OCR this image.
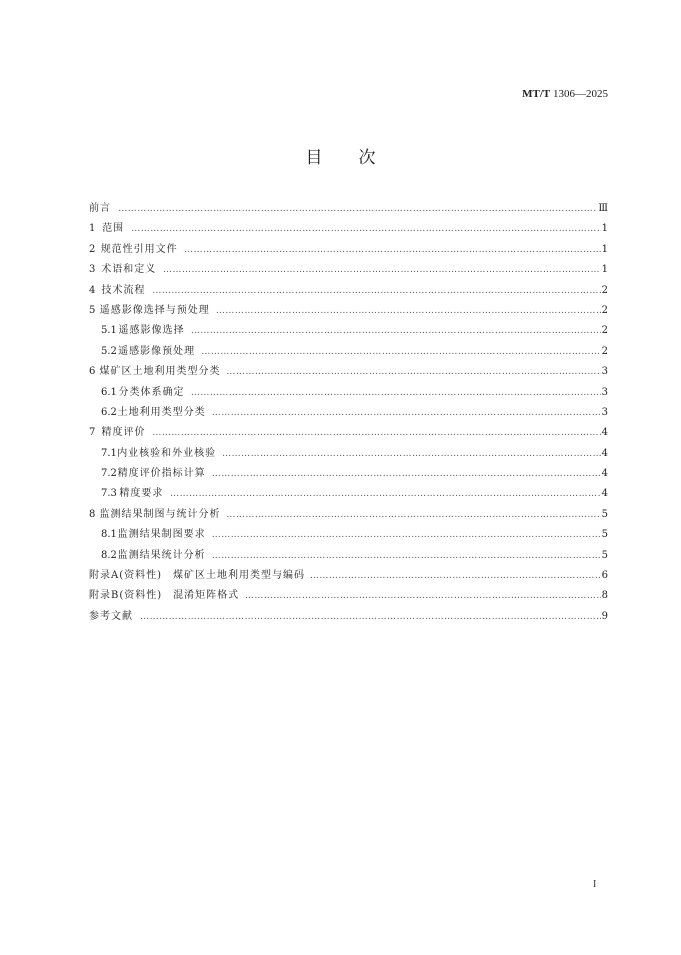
MT/T 1306—2025
目次
前言 …………………………………………………………………………………………………………………………………………………………………………	Ⅲ
1 范围 …………………………………………………………………………………………………………………………………………………………………………	1
2 规范性引用文件 …………………………………………………………………………………………………………………………………………………………………………	1
3 术语和定义 …………………………………………………………………………………………………………………………………………………………………………	1
4 技术流程 …………………………………………………………………………………………………………………………………………………………………………	2
5 遥感影像选择与预处理 …………………………………………………………………………………………………………………………………………………………………………	2
5.1 遥感影像选择 …………………………………………………………………………………………………………………………………………………………………………	2
5.2 遥感影像预处理 …………………………………………………………………………………………………………………………………………………………………………	2
6 煤矿区土地利用类型分类 …………………………………………………………………………………………………………………………………………………………………………	3
6.1 分类体系确定 …………………………………………………………………………………………………………………………………………………………………………	3
6.2 土地利用类型分类 …………………………………………………………………………………………………………………………………………………………………………	3
7 精度评价 …………………………………………………………………………………………………………………………………………………………………………	4
7.1 内业核验和外业核验 …………………………………………………………………………………………………………………………………………………………………………	4
7.2 精度评价指标计算 …………………………………………………………………………………………………………………………………………………………………………	4
7.3 精度要求 …………………………………………………………………………………………………………………………………………………………………………	4
8 监测结果制图与统计分析 …………………………………………………………………………………………………………………………………………………………………………	5
8.1 监测结果制图要求 …………………………………………………………………………………………………………………………………………………………………………	5
8.2 监测结果统计分析 …………………………………………………………………………………………………………………………………………………………………………	5
附录A(资料性)　煤矿区土地利用类型与编码 …………………………………………………………………………………………………………………………………………………………………………	6
附录B(资料性)　混淆矩阵格式 …………………………………………………………………………………………………………………………………………………………………………	8
参考文献 …………………………………………………………………………………………………………………………………………………………………………	9
I
